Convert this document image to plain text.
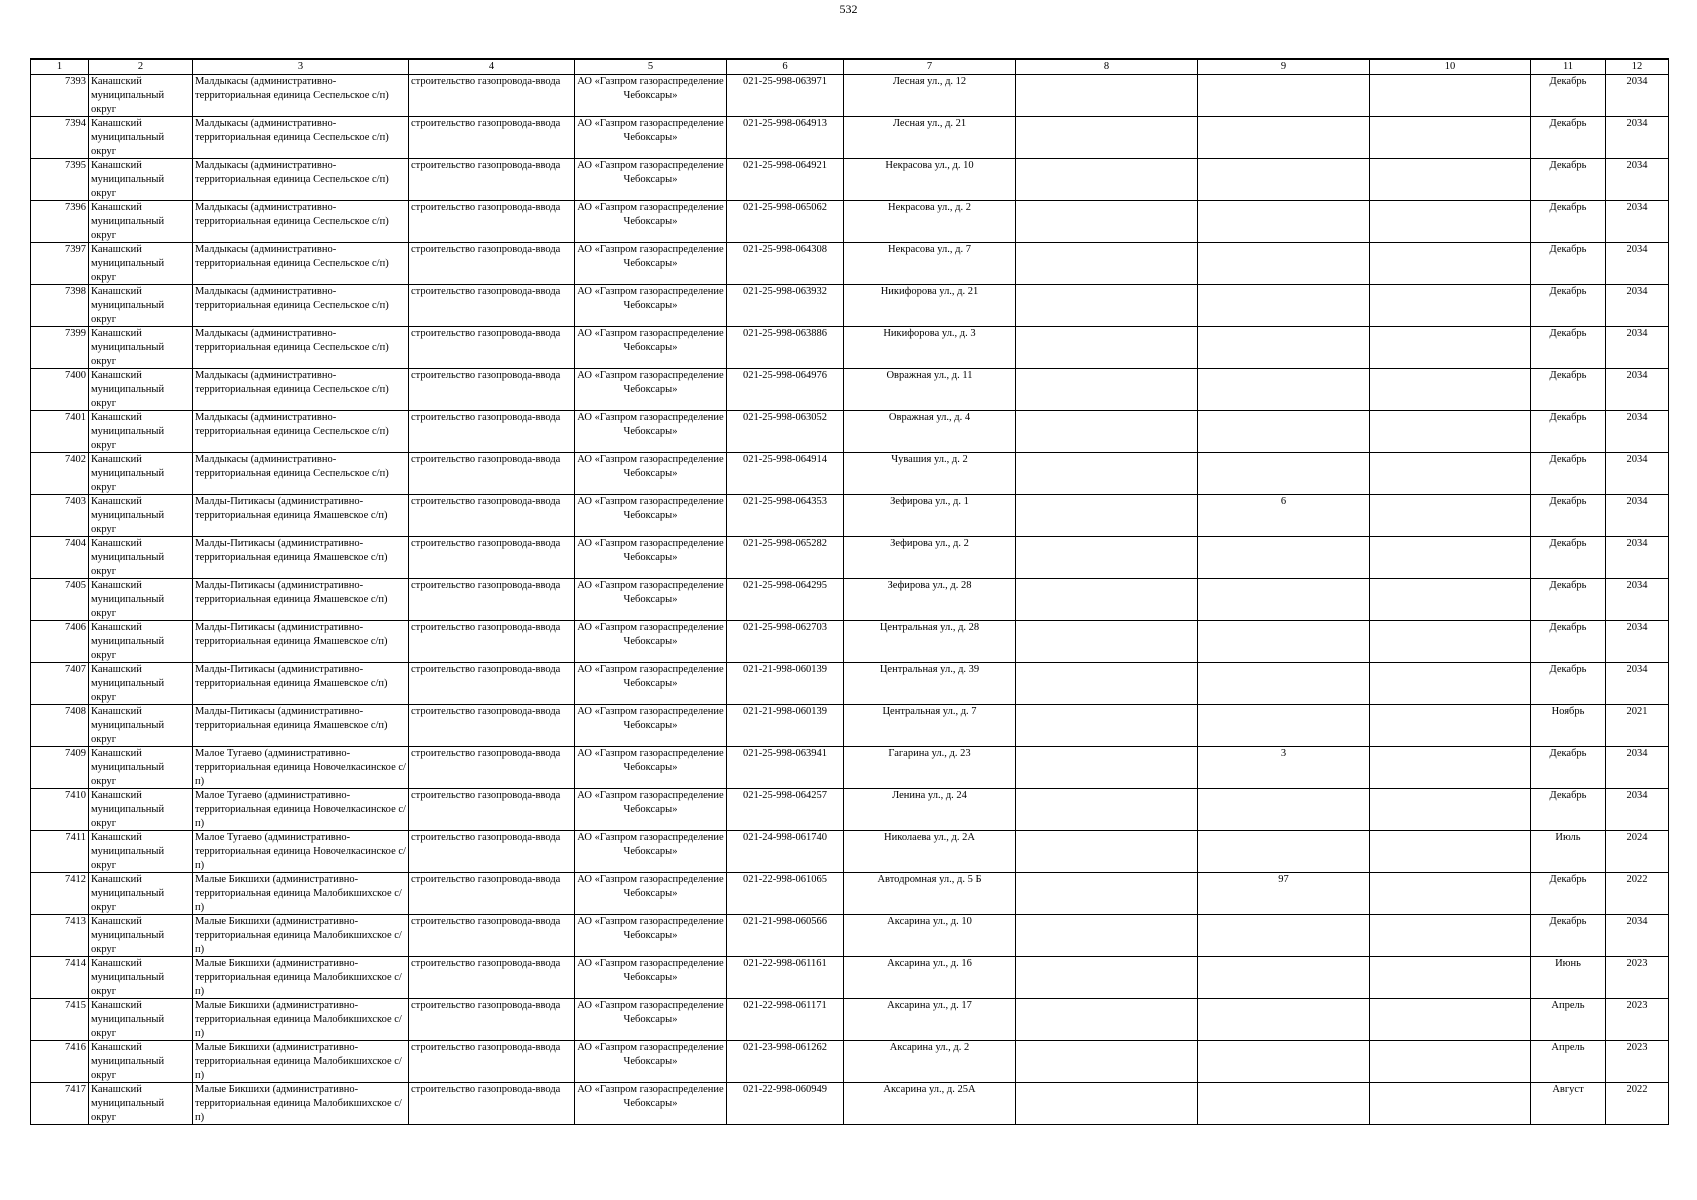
532
1	2	3	4	5	6	7	8	9	10	11	12

7393	Канашский муниципальный округ	Малдыкасы (административно-территориальная единица Сеспельское с/п)	строительство газопровода-ввода	АО «Газпром газораспределение Чебоксары»	021-25-998-063971	Лесная ул., д. 12				Декабрь	2034

7394	Канашский муниципальный округ	Малдыкасы (административно-территориальная единица Сеспельское с/п)	строительство газопровода-ввода	АО «Газпром газораспределение Чебоксары»	021-25-998-064913	Лесная ул., д. 21				Декабрь	2034

7395	Канашский муниципальный округ	Малдыкасы (административно-территориальная единица Сеспельское с/п)	строительство газопровода-ввода	АО «Газпром газораспределение Чебоксары»	021-25-998-064921	Некрасова ул., д. 10				Декабрь	2034

7396	Канашский муниципальный округ	Малдыкасы (административно-территориальная единица Сеспельское с/п)	строительство газопровода-ввода	АО «Газпром газораспределение Чебоксары»	021-25-998-065062	Некрасова ул., д. 2				Декабрь	2034

7397	Канашский муниципальный округ	Малдыкасы (административно-территориальная единица Сеспельское с/п)	строительство газопровода-ввода	АО «Газпром газораспределение Чебоксары»	021-25-998-064308	Некрасова ул., д. 7				Декабрь	2034

7398	Канашский муниципальный округ	Малдыкасы (административно-территориальная единица Сеспельское с/п)	строительство газопровода-ввода	АО «Газпром газораспределение Чебоксары»	021-25-998-063932	Никифорова ул., д. 21				Декабрь	2034

7399	Канашский муниципальный округ	Малдыкасы (административно-территориальная единица Сеспельское с/п)	строительство газопровода-ввода	АО «Газпром газораспределение Чебоксары»	021-25-998-063886	Никифорова ул., д. 3				Декабрь	2034

7400	Канашский муниципальный округ	Малдыкасы (административно-территориальная единица Сеспельское с/п)	строительство газопровода-ввода	АО «Газпром газораспределение Чебоксары»	021-25-998-064976	Овражная ул., д. 11				Декабрь	2034

7401	Канашский муниципальный округ	Малдыкасы (административно-территориальная единица Сеспельское с/п)	строительство газопровода-ввода	АО «Газпром газораспределение Чебоксары»	021-25-998-063052	Овражная ул., д. 4				Декабрь	2034

7402	Канашский муниципальный округ	Малдыкасы (административно-территориальная единица Сеспельское с/п)	строительство газопровода-ввода	АО «Газпром газораспределение Чебоксары»	021-25-998-064914	Чувашия ул., д. 2				Декабрь	2034

7403	Канашский муниципальный округ	Малды-Питикасы (административно-территориальная единица Ямашевское с/п)	строительство газопровода-ввода	АО «Газпром газораспределение Чебоксары»	021-25-998-064353	Зефирова ул., д. 1		6		Декабрь	2034

7404	Канашский муниципальный округ	Малды-Питикасы (административно-территориальная единица Ямашевское с/п)	строительство газопровода-ввода	АО «Газпром газораспределение Чебоксары»	021-25-998-065282	Зефирова ул., д. 2				Декабрь	2034

7405	Канашский муниципальный округ	Малды-Питикасы (административно-территориальная единица Ямашевское с/п)	строительство газопровода-ввода	АО «Газпром газораспределение Чебоксары»	021-25-998-064295	Зефирова ул., д. 28				Декабрь	2034

7406	Канашский муниципальный округ	Малды-Питикасы (административно-территориальная единица Ямашевское с/п)	строительство газопровода-ввода	АО «Газпром газораспределение Чебоксары»	021-25-998-062703	Центральная ул., д. 28				Декабрь	2034

7407	Канашский муниципальный округ	Малды-Питикасы (административно-территориальная единица Ямашевское с/п)	строительство газопровода-ввода	АО «Газпром газораспределение Чебоксары»	021-21-998-060139	Центральная ул., д. 39				Декабрь	2034

7408	Канашский муниципальный округ	Малды-Питикасы (административно-территориальная единица Ямашевское с/п)	строительство газопровода-ввода	АО «Газпром газораспределение Чебоксары»	021-21-998-060139	Центральная ул., д. 7				Ноябрь	2021

7409	Канашский муниципальный округ	Малое Тугаево (административно-территориальная единица Новочелкасинское с/п)	строительство газопровода-ввода	АО «Газпром газораспределение Чебоксары»	021-25-998-063941	Гагарина ул., д. 23		3		Декабрь	2034

7410	Канашский муниципальный округ	Малое Тугаево (административно-территориальная единица Новочелкасинское с/п)	строительство газопровода-ввода	АО «Газпром газораспределение Чебоксары»	021-25-998-064257	Ленина ул., д. 24				Декабрь	2034

7411	Канашский муниципальный округ	Малое Тугаево (административно-территориальная единица Новочелкасинское с/п)	строительство газопровода-ввода	АО «Газпром газораспределение Чебоксары»	021-24-998-061740	Николаева ул., д. 2А				Июль	2024

7412	Канашский муниципальный округ	Малые Бикшихи (административно-территориальная единица Малобикшихское с/п)	строительство газопровода-ввода	АО «Газпром газораспределение Чебоксары»	021-22-998-061065	Автодромная ул., д. 5 Б		97		Декабрь	2022

7413	Канашский муниципальный округ	Малые Бикшихи (административно-территориальная единица Малобикшихское с/п)	строительство газопровода-ввода	АО «Газпром газораспределение Чебоксары»	021-21-998-060566	Аксарина ул., д. 10				Декабрь	2034

7414	Канашский муниципальный округ	Малые Бикшихи (административно-территориальная единица Малобикшихское с/п)	строительство газопровода-ввода	АО «Газпром газораспределение Чебоксары»	021-22-998-061161	Аксарина ул., д. 16				Июнь	2023

7415	Канашский муниципальный округ	Малые Бикшихи (административно-территориальная единица Малобикшихское с/п)	строительство газопровода-ввода	АО «Газпром газораспределение Чебоксары»	021-22-998-061171	Аксарина ул., д. 17				Апрель	2023

7416	Канашский муниципальный округ	Малые Бикшихи (административно-территориальная единица Малобикшихское с/п)	строительство газопровода-ввода	АО «Газпром газораспределение Чебоксары»	021-23-998-061262	Аксарина ул., д. 2				Апрель	2023

7417	Канашский муниципальный округ	Малые Бикшихи (административно-территориальная единица Малобикшихское с/п)	строительство газопровода-ввода	АО «Газпром газораспределение Чебоксары»	021-22-998-060949	Аксарина ул., д. 25А				Август	2022
